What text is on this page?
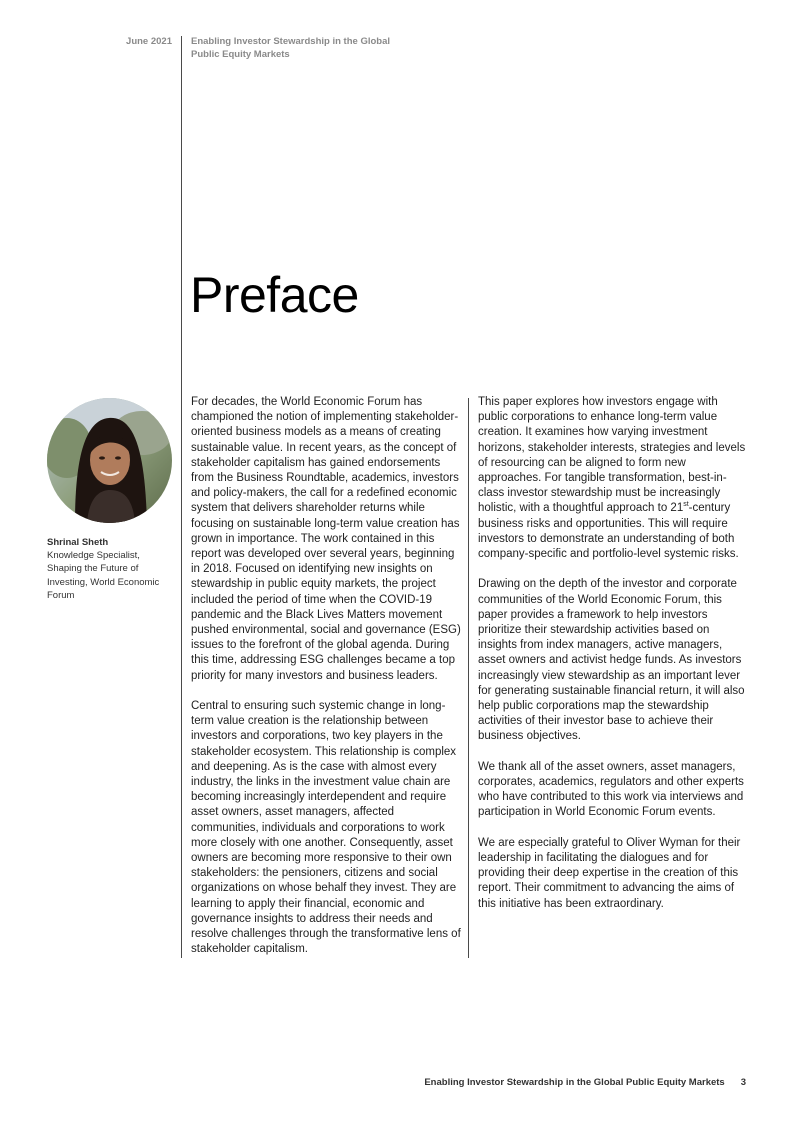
June 2021 Enabling Investor Stewardship in the Global Public Equity Markets
Preface
Shrinal Sheth
Knowledge Specialist, Shaping the Future of Investing, World Economic Forum

For decades, the World Economic Forum has championed the notion of implementing stakeholder-oriented business models as a means of creating sustainable value. In recent years, as the concept of stakeholder capitalism has gained endorsements from the Business Roundtable, academics, investors and policy-makers, the call for a redefined economic system that delivers shareholder returns while focusing on sustainable long-term value creation has grown in importance. The work contained in this report was developed over several years, beginning in 2018. Focused on identifying new insights on stewardship in public equity markets, the project included the period of time when the COVID-19 pandemic and the Black Lives Matters movement pushed environmental, social and governance (ESG) issues to the forefront of the global agenda. During this time, addressing ESG challenges became a top priority for many investors and business leaders.

Central to ensuring such systemic change in long-term value creation is the relationship between investors and corporations, two key players in the stakeholder ecosystem. This relationship is complex and deepening. As is the case with almost every industry, the links in the investment value chain are becoming increasingly interdependent and require asset owners, asset managers, affected communities, individuals and corporations to work more closely with one another. Consequently, asset owners are becoming more responsive to their own stakeholders: the pensioners, citizens and social organizations on whose behalf they invest. They are learning to apply their financial, economic and governance insights to address their needs and resolve challenges through the transformative lens of stakeholder capitalism.

This paper explores how investors engage with public corporations to enhance long-term value creation. It examines how varying investment horizons, stakeholder interests, strategies and levels of resourcing can be aligned to form new approaches. For tangible transformation, best-in-class investor stewardship must be increasingly holistic, with a thoughtful approach to 21st-century business risks and opportunities. This will require investors to demonstrate an understanding of both company-specific and portfolio-level systemic risks.

Drawing on the depth of the investor and corporate communities of the World Economic Forum, this paper provides a framework to help investors prioritize their stewardship activities based on insights from index managers, active managers, asset owners and activist hedge funds. As investors increasingly view stewardship as an important lever for generating sustainable financial return, it will also help public corporations map the stewardship activities of their investor base to achieve their business objectives.

We thank all of the asset owners, asset managers, corporates, academics, regulators and other experts who have contributed to this work via interviews and participation in World Economic Forum events.

We are especially grateful to Oliver Wyman for their leadership in facilitating the dialogues and for providing their deep expertise in the creation of this report. Their commitment to advancing the aims of this initiative has been extraordinary.

Enabling Investor Stewardship in the Global Public Equity Markets 3
